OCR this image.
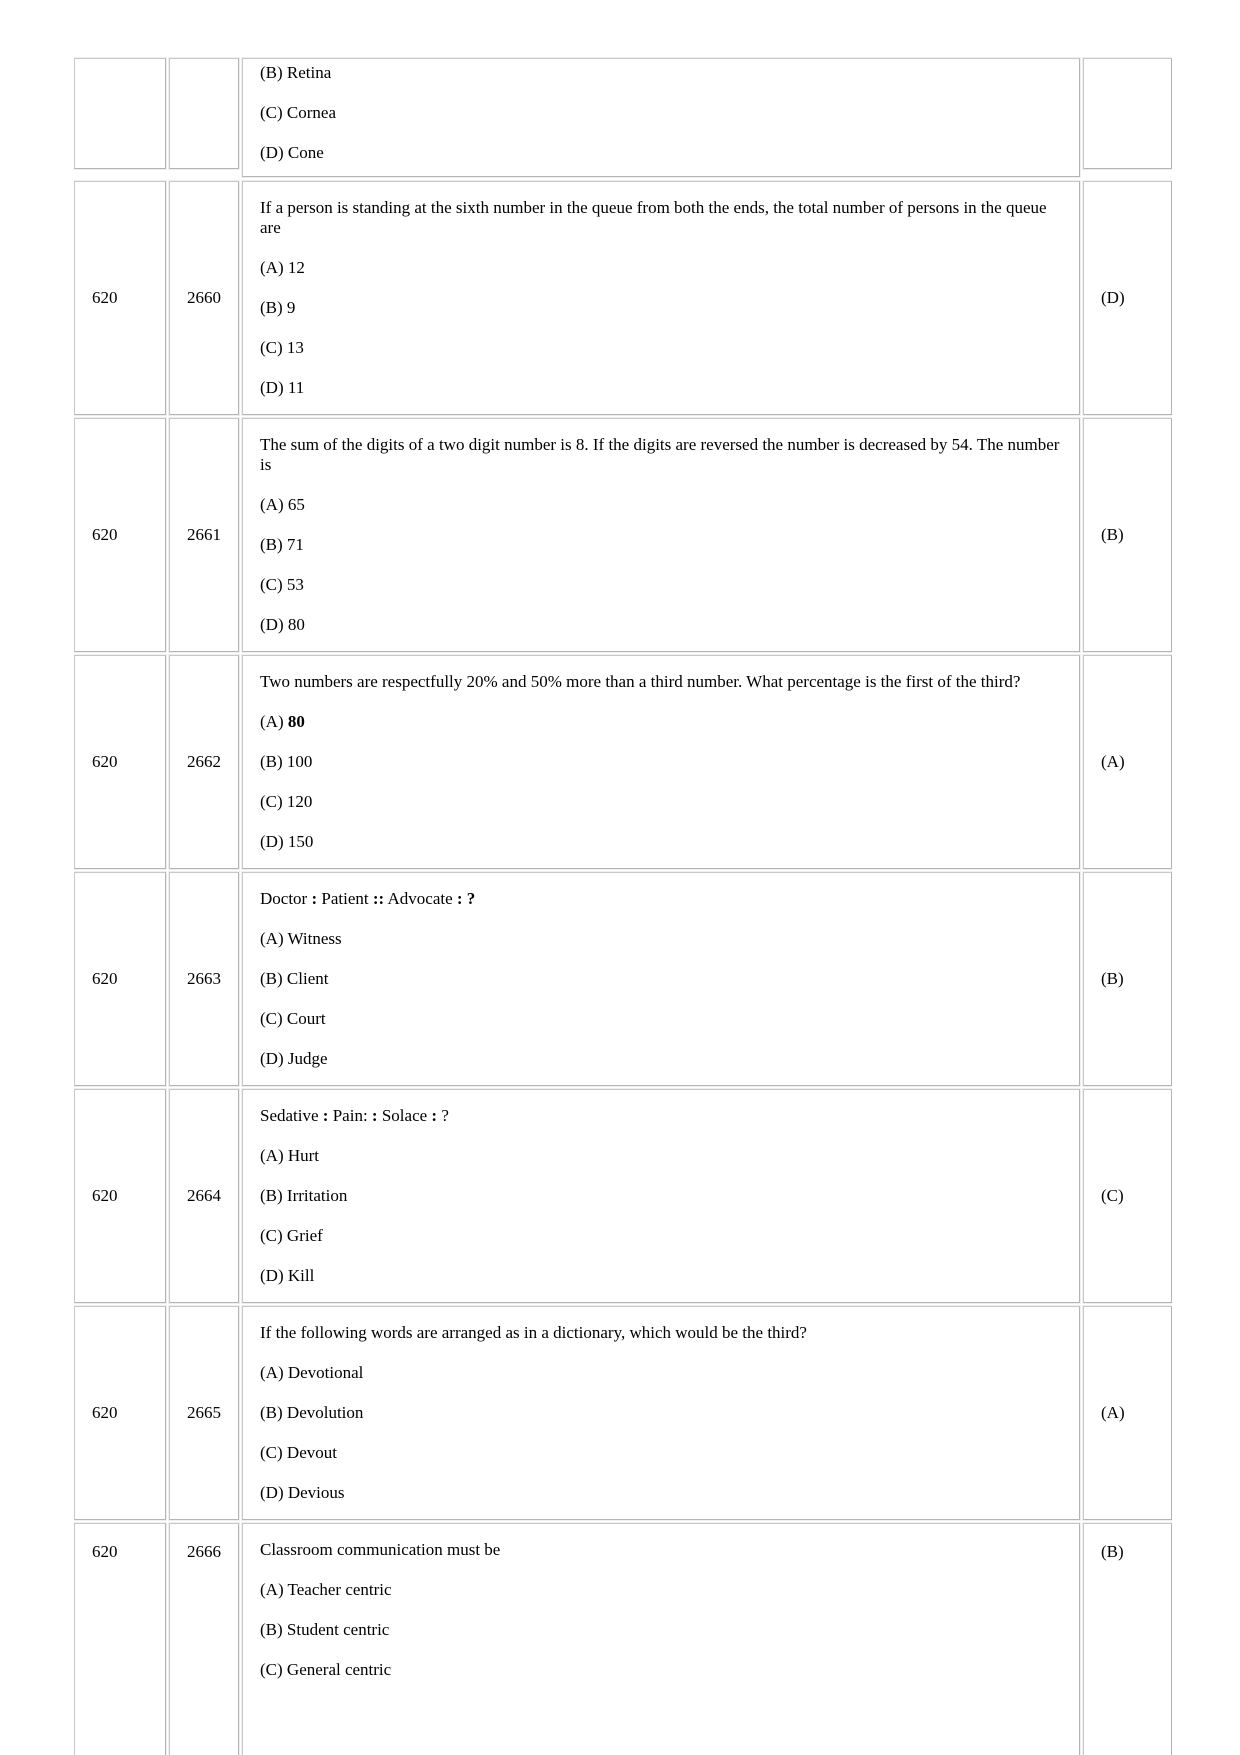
(B) Retina
(C) Cornea
(D) Cone
620	2660
If a person is standing at the sixth number in the queue from both the ends, the total number of persons in the queue are
(A) 12
(B) 9
(C) 13
(D) 11
(D)
620	2661
The sum of the digits of a two digit number is 8. If the digits are reversed the number is decreased by 54. The number is
(A) 65
(B) 71
(C) 53
(D) 80
(B)
620	2662
Two numbers are respectfully 20% and 50% more than a third number. What percentage is the first of the third?
(A) 80
(B) 100
(C) 120
(D) 150
(A)
620	2663
Doctor : Patient :: Advocate : ?
(A) Witness
(B) Client
(C) Court
(D) Judge
(B)
620	2664
Sedative : Pain: : Solace : ?
(A) Hurt
(B) Irritation
(C) Grief
(D) Kill
(C)
620	2665
If the following words are arranged as in a dictionary, which would be the third?
(A) Devotional
(B) Devolution
(C) Devout
(D) Devious
(A)
620	2666	Classroom communication must be
(A) Teacher centric
(B) Student centric
(C) General centric
(B)
